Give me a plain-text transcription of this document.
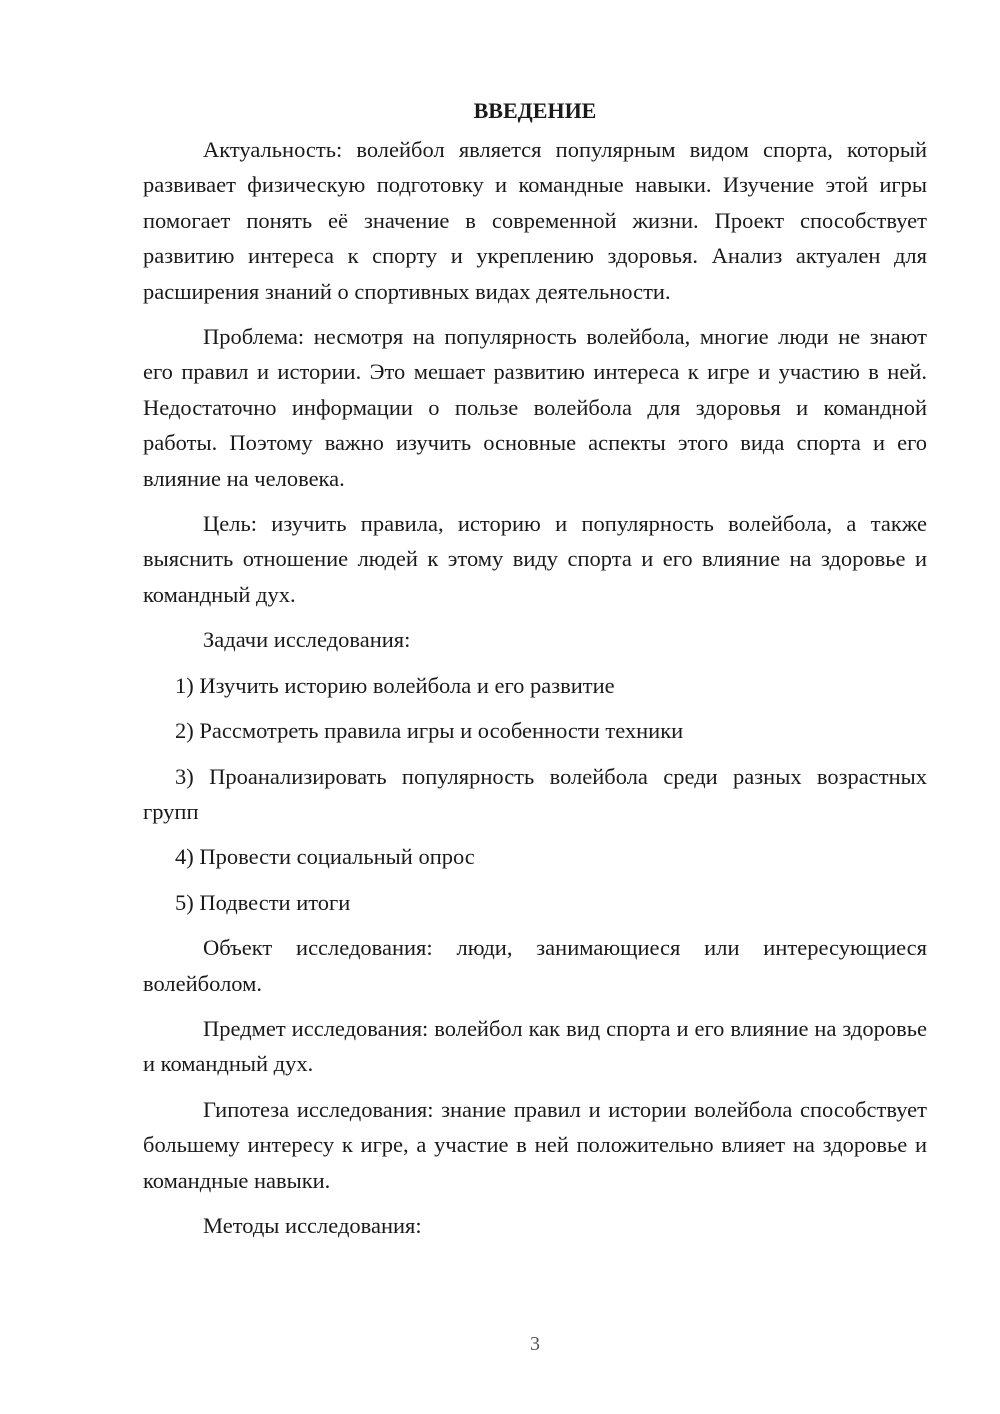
ВВЕДЕНИЕ

Актуальность: волейбол является популярным видом спорта, который развивает физическую подготовку и командные навыки. Изучение этой игры помогает понять её значение в современной жизни. Проект способствует развитию интереса к спорту и укреплению здоровья. Анализ актуален для расширения знаний о спортивных видах деятельности.

Проблема: несмотря на популярность волейбола, многие люди не знают его правил и истории. Это мешает развитию интереса к игре и участию в ней. Недостаточно информации о пользе волейбола для здоровья и командной работы. Поэтому важно изучить основные аспекты этого вида спорта и его влияние на человека.

Цель: изучить правила, историю и популярность волейбола, а также выяснить отношение людей к этому виду спорта и его влияние на здоровье и командный дух.

Задачи исследования:

1) Изучить историю волейбола и его развитие

2) Рассмотреть правила игры и особенности техники

3) Проанализировать популярность волейбола среди разных возрастных групп

4) Провести социальный опрос

5) Подвести итоги

Объект исследования: люди, занимающиеся или интересующиеся волейболом.

Предмет исследования: волейбол как вид спорта и его влияние на здоровье и командный дух.

Гипотеза исследования: знание правил и истории волейбола способствует большему интересу к игре, а участие в ней положительно влияет на здоровье и командные навыки.

Методы исследования:

3
